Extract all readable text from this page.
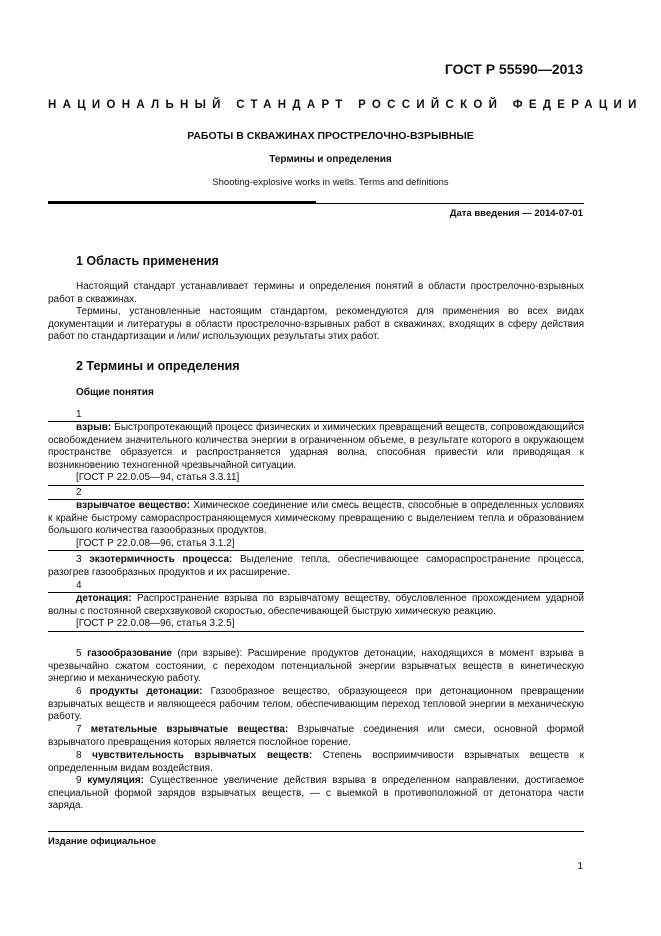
ГОСТ Р 55590—2013
НАЦИОНАЛЬНЫЙ СТАНДАРТ РОССИЙСКОЙ ФЕДЕРАЦИИ
РАБОТЫ В СКВАЖИНАХ ПРОСТРЕЛОЧНО-ВЗРЫВНЫЕ
Термины и определения
Shooting-explosive works in wells. Terms and definitions
Дата введения — 2014-07-01
1 Область применения
Настоящий стандарт устанавливает термины и определения понятий в области прострелочно-взрывных работ в скважинах.
Термины, установленные настоящим стандартом, рекомендуются для применения во всех видах документации и литературы в области прострелочно-взрывных работ в скважинах, входящих в сферу действия работ по стандартизации и /или/ использующих результаты этих работ.
2 Термины и определения
Общие понятия
1
взрыв: Быстропротекающий процесс физических и химических превращений веществ, сопровождающийся освобождением значительного количества энергии в ограниченном объеме, в результате которого в окружающем пространстве образуется и распространяется ударная волна, способная привести или приводящая к возникновению техногенной чрезвычайной ситуации.
[ГОСТ Р 22.0.05—94, статья 3.3.11]
2
взрывчатое вещество: Химическое соединение или смесь веществ, способные в определенных условиях к крайне быстрому самораспространяющемуся химическому превращению с выделением тепла и образованием большого количества газообразных продуктов.
[ГОСТ Р 22.0.08—96, статья 3.1.2]
3 экзотермичность процесса: Выделение тепла, обеспечивающее самораспространение процесса, разогрев газообразных продуктов и их расширение.
4
детонация: Распространение взрыва по взрывчатому веществу, обусловленное прохождением ударной волны с постоянной сверхзвуковой скоростью, обеспечивающей быструю химическую реакцию.
[ГОСТ Р 22.0.08—96, статья 3.2.5]
5 газообразование (при взрыве): Расширение продуктов детонации, находящихся в момент взрыва в чрезвычайно сжатом состоянии, с переходом потенциальной энергии взрывчатых веществ в кинетическую энергию и механическую работу.
6 продукты детонации: Газообразное вещество, образующееся при детонационном превращении взрывчатых веществ и являющееся рабочим телом, обеспечивающим переход тепловой энергии в механическую работу.
7 метательные взрывчатые вещества: Взрывчатые соединения или смеси, основной формой взрывчатого превращения которых является послойное горение.
8 чувствительность взрывчатых веществ: Степень восприимчивости взрывчатых веществ к определенным видам воздействия.
9 кумуляция: Существенное увеличение действия взрыва в определенном направлении, достигаемое специальной формой зарядов взрывчатых веществ, — с выемкой в противоположной от детонатора части заряда.
Издание официальное
1
